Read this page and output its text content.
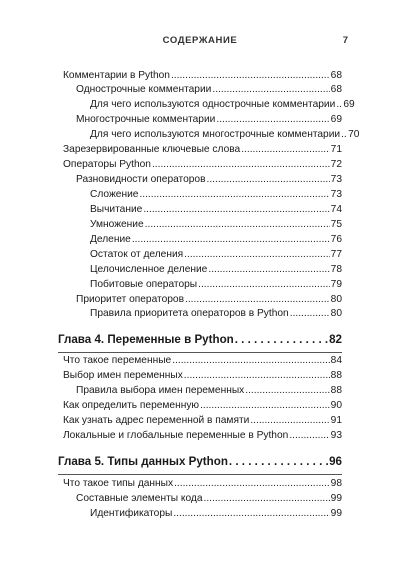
СОДЕРЖАНИЕ	7
Комментарии в Python .....	68
Однострочные комментарии .....	68
Для чего используются однострочные комментарии ..... 69
Многострочные комментарии .....	69
Для чего используются многострочные комментарии ..... 70
Зарезервированные ключевые слова .....	71
Операторы Python .....	72
Разновидности операторов .....	73
Сложение .....	73
Вычитание .....	74
Умножение .....	75
Деление .....	76
Остаток от деления .....	77
Целочисленное деление .....	78
Побитовые операторы .....	79
Приоритет операторов .....	80
Правила приоритета операторов в Python .....	80
Глава 4. Переменные в Python . . .	82
Что такое переменные .....	84
Выбор имен переменных .....	88
Правила выбора имен переменных .....	88
Как определить переменную .....	90
Как узнать адрес переменной в памяти .....	91
Локальные и глобальные переменные в Python .....	93
Глава 5. Типы данных Python . . .	96
Что такое типы данных .....	98
Составные элементы кода .....	99
Идентификаторы .....	99
